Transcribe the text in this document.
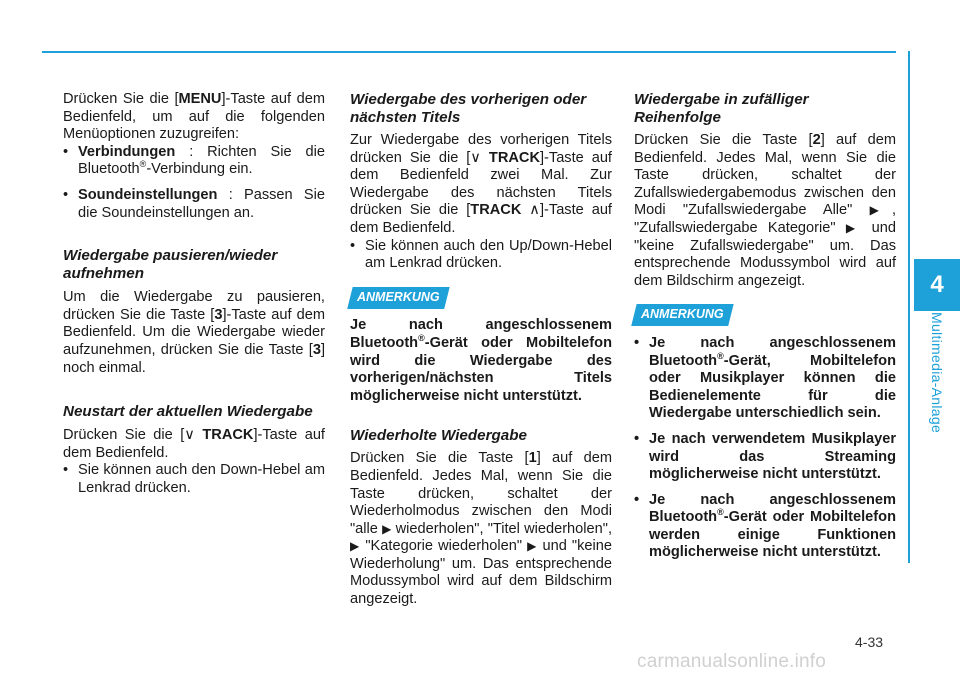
4
Multimedia-Anlage

Drücken Sie die [MENU]-Taste auf dem Bedienfeld, um auf die folgenden Menüoptionen zuzugreifen:

• Verbindungen : Richten Sie die Bluetooth®-Verbindung ein.
• Soundeinstellungen : Passen Sie die Soundeinstellungen an.
Wiedergabe pausieren/wieder aufnehmen

Um die Wiedergabe zu pausieren, drücken Sie die Taste [3]-Taste auf dem Bedienfeld. Um die Wiedergabe wieder aufzunehmen, drücken Sie die Taste [3] noch einmal.

Neustart der aktuellen Wiedergabe

Drücken Sie die [∨ TRACK]-Taste auf dem Bedienfeld.

• Sie können auch den Down-Hebel am Lenkrad drücken.
Wiedergabe des vorherigen oder nächsten Titels

Zur Wiedergabe des vorherigen Titels drücken Sie die [∨ TRACK]-Taste auf dem Bedienfeld zwei Mal. Zur Wiedergabe des nächsten Titels drücken Sie die [TRACK ∧]-Taste auf dem Bedienfeld.

• Sie können auch den Up/Down-Hebel am Lenkrad drücken.
ANMERKUNG

Je nach angeschlossenem Bluetooth®-Gerät oder Mobiltelefon wird die Wiedergabe des vorherigen/nächsten Titels möglicherweise nicht unterstützt.

Wiederholte Wiedergabe

Drücken Sie die Taste [1] auf dem Bedienfeld. Jedes Mal, wenn Sie die Taste drücken, schaltet der Wiederholmodus zwischen den Modi "alle ▶ wiederholen", "Titel wiederholen", ▶ "Kategorie wiederholen" ▶ und "keine Wiederholung" um. Das entsprechende Modussymbol wird auf dem Bildschirm angezeigt.

Wiedergabe in zufälliger Reihenfolge

Drücken Sie die Taste [2] auf dem Bedienfeld. Jedes Mal, wenn Sie die Taste drücken, schaltet der Zufallswiedergabemodus zwischen den Modi "Zufallswiedergabe Alle" ▶, "Zufallswiedergabe Kategorie" ▶ und "keine Zufallswiedergabe" um. Das entsprechende Modussymbol wird auf dem Bildschirm angezeigt.

ANMERKUNG
• Je nach angeschlossenem Bluetooth®-Gerät, Mobiltelefon oder Musikplayer können die Bedienelemente für die Wiedergabe unterschiedlich sein.
• Je nach verwendetem Musikplayer wird das Streaming möglicherweise nicht unterstützt.
• Je nach angeschlossenem Bluetooth®-Gerät oder Mobiltelefon werden einige Funktionen möglicherweise nicht unterstützt.
4-33
carmanualsonline.info
